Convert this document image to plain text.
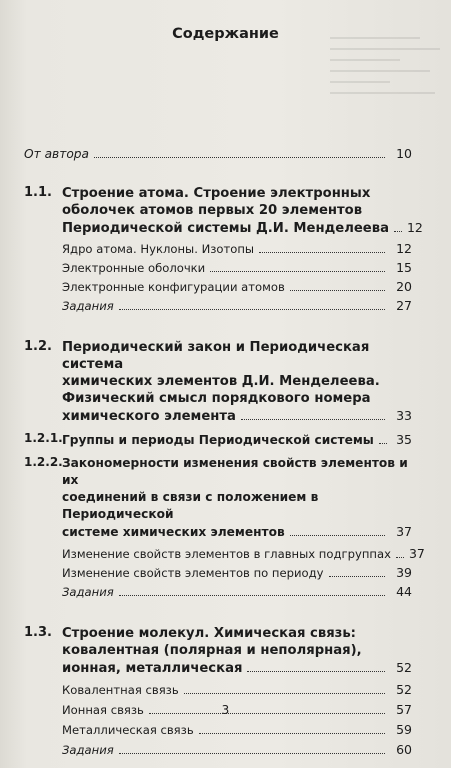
Содержание
От автора	10
1.1. Строение атома. Строение электронных
оболочек атомов первых 20 элементов
Периодической системы Д.И. Менделеева 12
Ядро атома. Нуклоны. Изотопы	12
Электронные оболочки	15
Электронные конфигурации атомов	20
Задания	27
1.2. Периодический закон и Периодическая система
химических элементов Д.И. Менделеева.
Физический смысл порядкового номера
химического элемента	33
1.2.1. Группы и периоды Периодической системы	35
1.2.2. Закономерности изменения свойств элементов и их
соединений в связи с положением в Периодической
системе химических элементов	37
Изменение свойств элементов в главных подгруппах 37
Изменение свойств элементов по периоду	39
Задания	44
1.3. Строение молекул. Химическая связь:
ковалентная (полярная и неполярная),
ионная, металлическая	52
Ковалентная связь	52
Ионная связь	57
Металлическая связь	59
Задания	60
3
